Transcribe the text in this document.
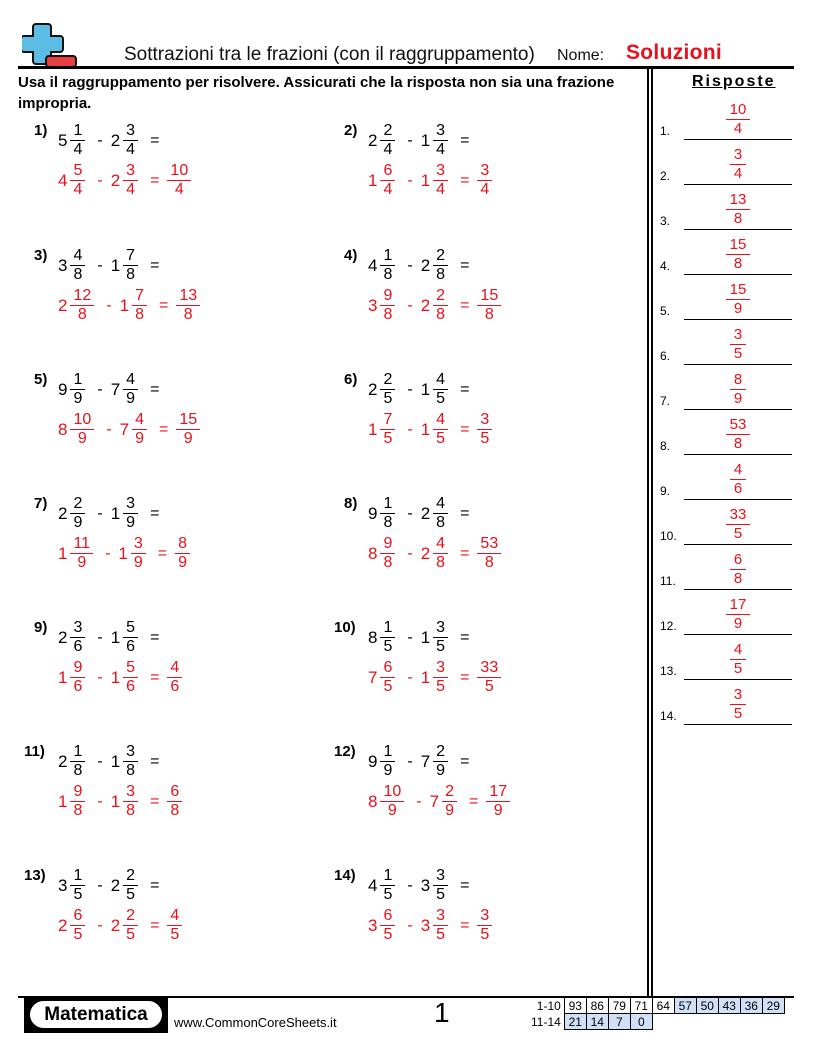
Sottrazioni tra le frazioni (con il raggruppamento) Nome: Soluzioni
Usa il raggruppamento per risolvere. Assicurati che la risposta non sia una frazione impropria.
Risposte
1) $5 \frac{1}{4} - 2 \frac{3}{4}$ =
$4 \frac{5}{4} - 2 \frac{3}{4} = \frac{10}{4}$
2) $2 \frac{2}{4} - 1 \frac{3}{4}$ =
$1 \frac{6}{4} - 1 \frac{3}{4} = \frac{3}{4}$
3) $3 \frac{4}{8} - 1 \frac{7}{8}$ =
$2 \frac{12}{8} - 1 \frac{7}{8} = \frac{13}{8}$
4) $4 \frac{1}{8} - 2 \frac{2}{8}$ =
$3 \frac{9}{8} - 2 \frac{2}{8} = \frac{15}{8}$
5) $9 \frac{1}{9} - 7 \frac{4}{9}$ =
$8 \frac{10}{9} - 7 \frac{4}{9} = \frac{15}{9}$
6) $2 \frac{2}{5} - 1 \frac{4}{5}$ =
$1 \frac{7}{5} - 1 \frac{4}{5} = \frac{3}{5}$
7) $2 \frac{2}{9} - 1 \frac{3}{9}$ =
$1 \frac{11}{9} - 1 \frac{3}{9} = \frac{8}{9}$
8) $9 \frac{1}{8} - 2 \frac{4}{8}$ =
$8 \frac{9}{8} - 2 \frac{4}{8} = \frac{53}{8}$
9) $2 \frac{3}{6} - 1 \frac{5}{6}$ =
$1 \frac{9}{6} - 1 \frac{5}{6} = \frac{4}{6}$
10) $8 \frac{1}{5} - 1 \frac{3}{5}$ =
$7 \frac{6}{5} - 1 \frac{3}{5} = \frac{33}{5}$
11) $2 \frac{1}{8} - 1 \frac{3}{8}$ =
$1 \frac{9}{8} - 1 \frac{3}{8} = \frac{6}{8}$
12) $9 \frac{1}{9} - 7 \frac{2}{9}$ =
$8 \frac{10}{9} - 7 \frac{2}{9} = \frac{17}{9}$
13) $3 \frac{1}{5} - 2 \frac{2}{5}$ =
$2 \frac{6}{5} - 2 \frac{2}{5} = \frac{4}{5}$
14) $4 \frac{1}{5} - 3 \frac{3}{5}$ =
$3 \frac{6}{5} - 3 \frac{3}{5} = \frac{3}{5}$
1.	$\frac{10}{4}$
2.	$\frac{3}{4}$
3.	$\frac{13}{8}$
4.	$\frac{15}{8}$
5.	$\frac{15}{9}$
6.	$\frac{3}{5}$
7.	$\frac{8}{9}$
8.	$\frac{53}{8}$
9.	$\frac{4}{6}$
10.	$\frac{33}{5}$
11.	$\frac{6}{8}$
12.	$\frac{17}{9}$
13.	$\frac{4}{5}$
14.	$\frac{3}{5}$
Matematica	www.CommonCoreSheets.it	1	1-10	93	86	79	71	64	57	50	43	36	29
11-14	21	14	7	0						
